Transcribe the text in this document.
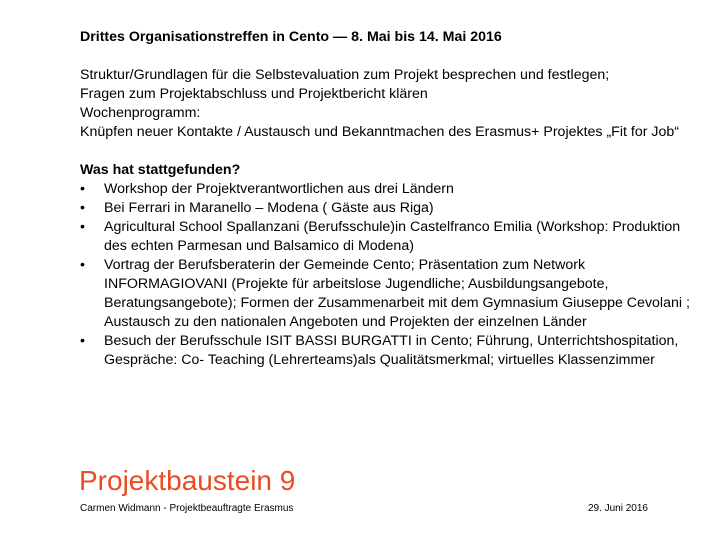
Drittes Organisationstreffen in Cento — 8. Mai bis 14. Mai 2016

Struktur/Grundlagen für die Selbstevaluation zum Projekt besprechen und festlegen;

Fragen zum Projektabschluss und Projektbericht klären

Wochenprogramm:

Knüpfen neuer Kontakte / Austausch und Bekanntmachen des Erasmus+ Projektes „Fit for Job“

Was hat stattgefunden?

•	Workshop der Projektverantwortlichen aus drei Ländern
•	Bei Ferrari in Maranello – Modena ( Gäste aus Riga)
•	Agricultural School Spallanzani (Berufsschule)in Castelfranco Emilia (Workshop: Produktion des echten Parmesan und Balsamico di Modena)
•	Vortrag der Berufsberaterin der Gemeinde Cento; Präsentation zum Network INFORMAGIOVANI (Projekte für arbeitslose Jugendliche; Ausbildungsangebote, Beratungsangebote); Formen der Zusammenarbeit mit dem Gymnasium Giuseppe Cevolani ; Austausch zu den nationalen Angeboten und Projekten der einzelnen Länder
•	Besuch der Berufsschule ISIT BASSI BURGATTI in Cento; Führung, Unterrichtshospitation, Gespräche: Co- Teaching (Lehrerteams)als Qualitätsmerkmal; virtuelles Klassenzimmer

Projektbaustein 9

Carmen Widmann - Projektbeauftragte Erasmus	29. Juni 2016
